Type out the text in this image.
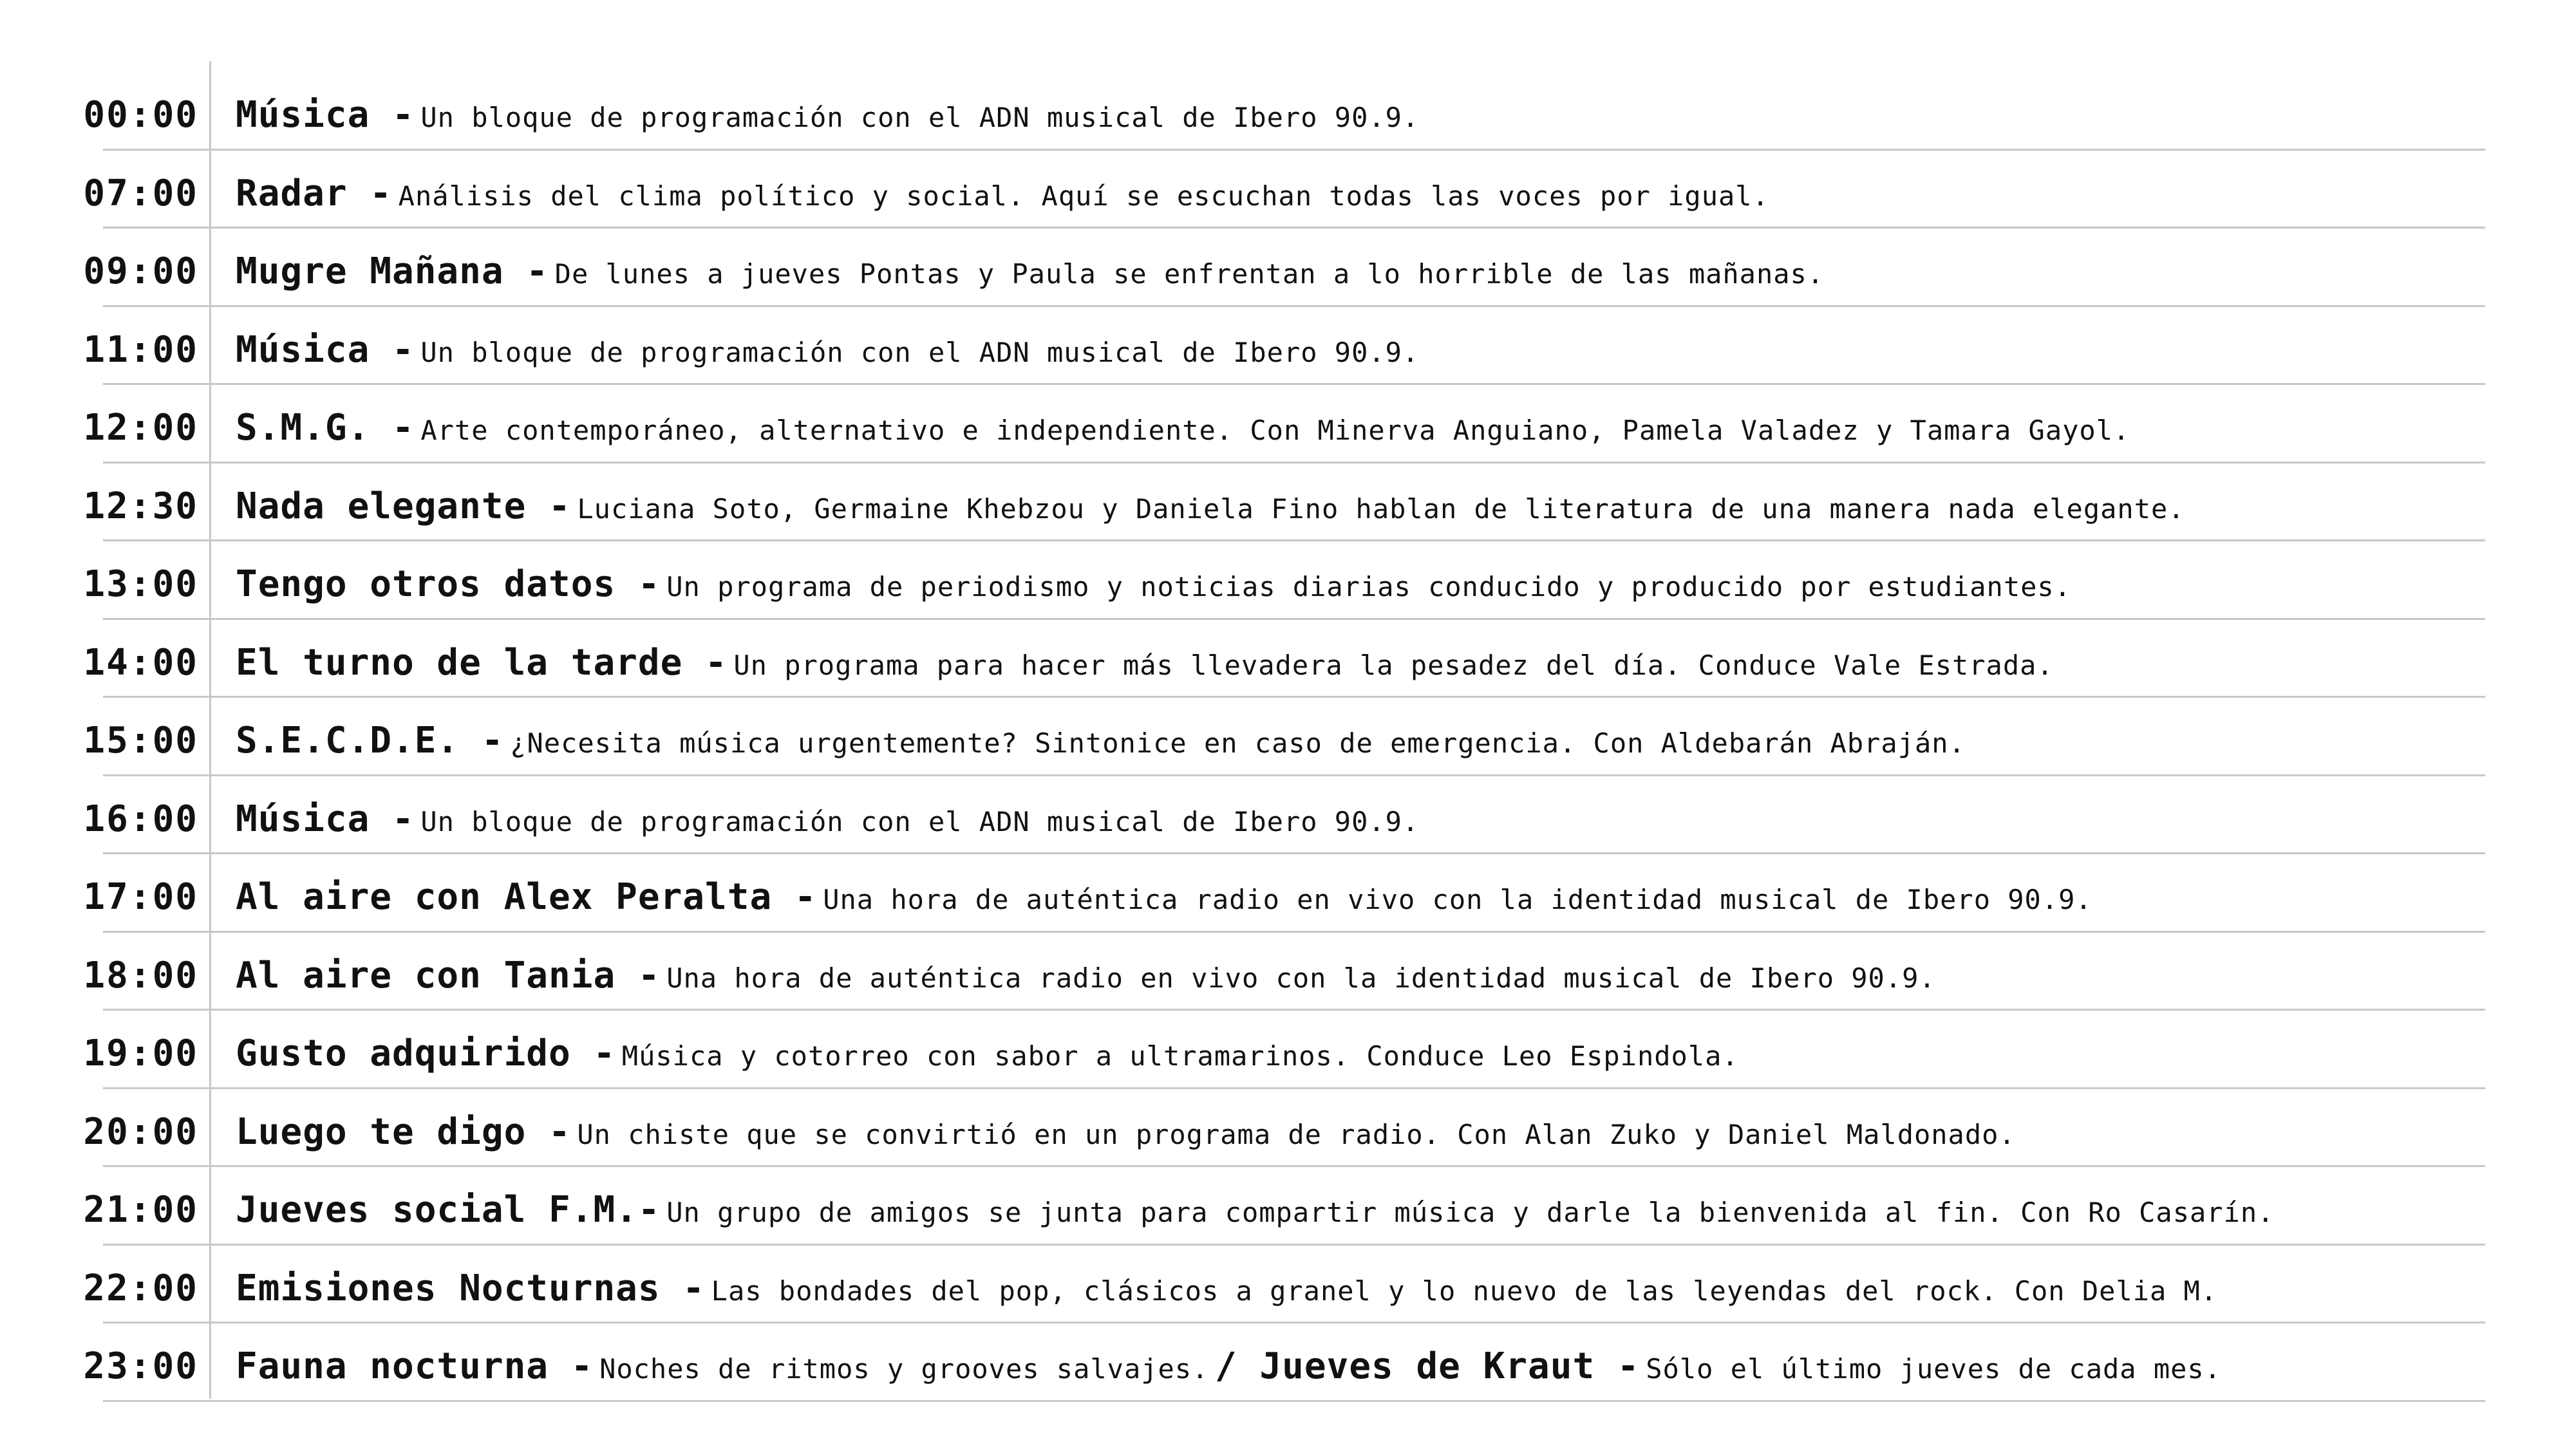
00:00 Música - Un bloque de programación con el ADN musical de Ibero 90.9.
07:00 Radar - Análisis del clima político y social. Aquí se escuchan todas las voces por igual.
09:00 Mugre Mañana - De lunes a jueves Pontas y Paula se enfrentan a lo horrible de las mañanas.
11:00 Música - Un bloque de programación con el ADN musical de Ibero 90.9.
12:00 S.M.G. - Arte contemporáneo, alternativo e independiente. Con Minerva Anguiano, Pamela Valadez y Tamara Gayol.
12:30 Nada elegante - Luciana Soto, Germaine Khebzou y Daniela Fino hablan de literatura de una manera nada elegante.
13:00 Tengo otros datos - Un programa de periodismo y noticias diarias conducido y producido por estudiantes.
14:00 El turno de la tarde - Un programa para hacer más llevadera la pesadez del día. Conduce Vale Estrada.
15:00 S.E.C.D.E. - ¿Necesita música urgentemente? Sintonice en caso de emergencia. Con Aldebarán Abraján.
16:00 Música - Un bloque de programación con el ADN musical de Ibero 90.9.
17:00 Al aire con Alex Peralta - Una hora de auténtica radio en vivo con la identidad musical de Ibero 90.9.
18:00 Al aire con Tania - Una hora de auténtica radio en vivo con la identidad musical de Ibero 90.9.
19:00 Gusto adquirido - Música y cotorreo con sabor a ultramarinos. Conduce Leo Espindola.
20:00 Luego te digo - Un chiste que se convirtió en un programa de radio. Con Alan Zuko y Daniel Maldonado.
21:00 Jueves social F.M.- Un grupo de amigos se junta para compartir música y darle la bienvenida al fin. Con Ro Casarín.
22:00 Emisiones Nocturnas - Las bondades del pop, clásicos a granel y lo nuevo de las leyendas del rock. Con Delia M.
23:00 Fauna nocturna - Noches de ritmos y grooves salvajes. / Jueves de Kraut - Sólo el último jueves de cada mes.
